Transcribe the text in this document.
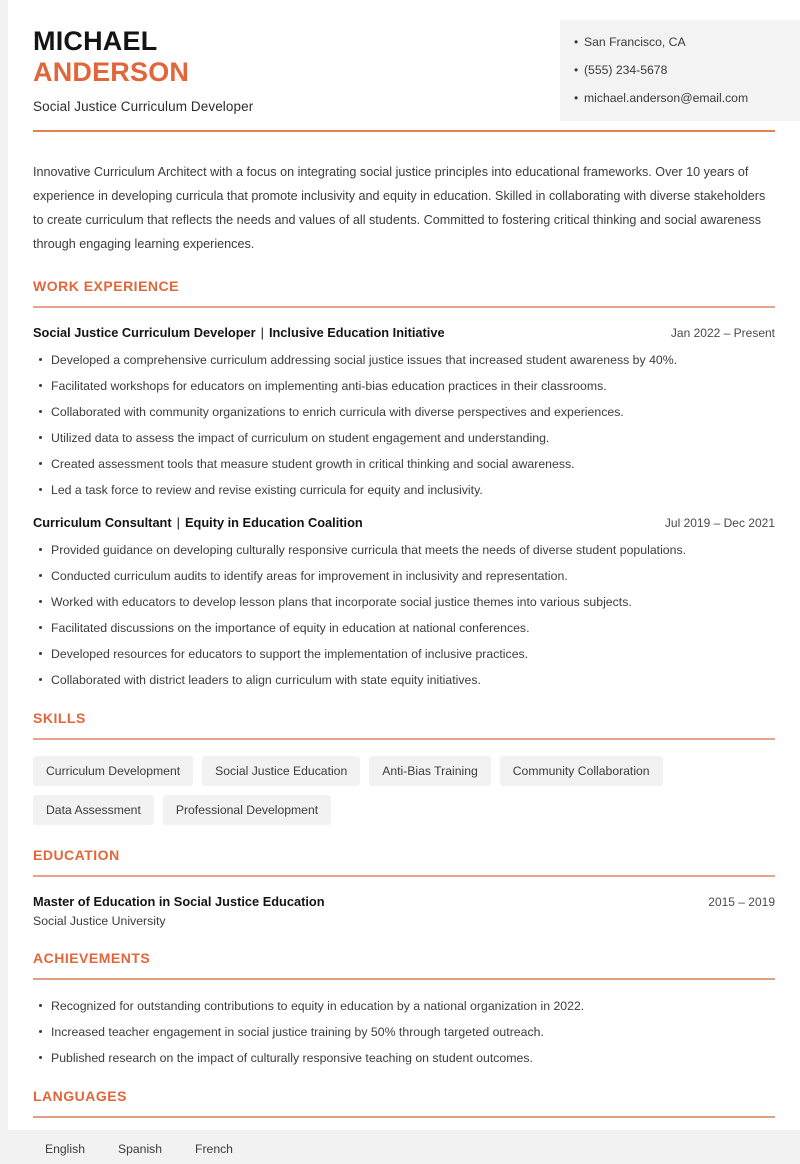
MICHAEL
ANDERSON
Social Justice Curriculum Developer
• San Francisco, CA
• (555) 234-5678
• michael.anderson@email.com
Innovative Curriculum Architect with a focus on integrating social justice principles into educational frameworks. Over 10 years of experience in developing curricula that promote inclusivity and equity in education. Skilled in collaborating with diverse stakeholders to create curriculum that reflects the needs and values of all students. Committed to fostering critical thinking and social awareness through engaging learning experiences.
WORK EXPERIENCE
Social Justice Curriculum Developer | Inclusive Education Initiative	Jan 2022 – Present
Developed a comprehensive curriculum addressing social justice issues that increased student awareness by 40%.
Facilitated workshops for educators on implementing anti-bias education practices in their classrooms.
Collaborated with community organizations to enrich curricula with diverse perspectives and experiences.
Utilized data to assess the impact of curriculum on student engagement and understanding.
Created assessment tools that measure student growth in critical thinking and social awareness.
Led a task force to review and revise existing curricula for equity and inclusivity.
Curriculum Consultant | Equity in Education Coalition	Jul 2019 – Dec 2021
Provided guidance on developing culturally responsive curricula that meets the needs of diverse student populations.
Conducted curriculum audits to identify areas for improvement in inclusivity and representation.
Worked with educators to develop lesson plans that incorporate social justice themes into various subjects.
Facilitated discussions on the importance of equity in education at national conferences.
Developed resources for educators to support the implementation of inclusive practices.
Collaborated with district leaders to align curriculum with state equity initiatives.
SKILLS
Curriculum Development	Social Justice Education	Anti-Bias Training	Community Collaboration
Data Assessment	Professional Development
EDUCATION
Master of Education in Social Justice Education	2015 – 2019
Social Justice University
ACHIEVEMENTS
Recognized for outstanding contributions to equity in education by a national organization in 2022.
Increased teacher engagement in social justice training by 50% through targeted outreach.
Published research on the impact of culturally responsive teaching on student outcomes.
LANGUAGES
English	Spanish	French
